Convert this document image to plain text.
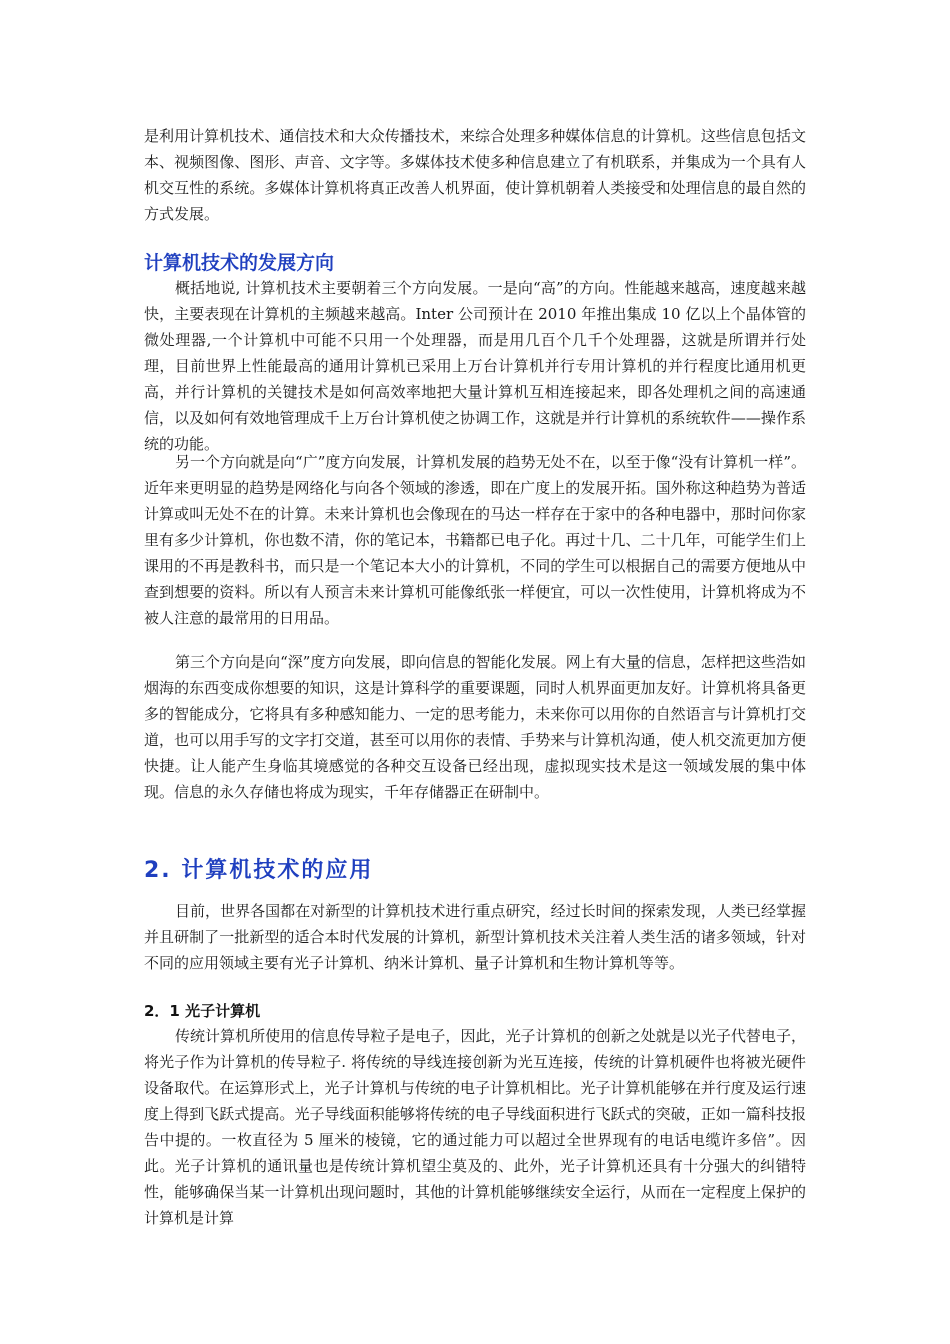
是利用计算机技术、通信技术和大众传播技术，来综合处理多种媒体信息的计算机。这些信息包括文本、视频图像、图形、声音、文字等。多媒体技术使多种信息建立了有机联系，并集成为一个具有人机交互性的系统。多媒体计算机将真正改善人机界面，使计算机朝着人类接受和处理信息的最自然的方式发展。

计算机技术的发展方向

概括地说, 计算机技术主要朝着三个方向发展。一是向“高”的方向。性能越来越高，速度越来越快，主要表现在计算机的主频越来越高。Inter 公司预计在 2010 年推出集成 10 亿以上个晶体管的微处理器,一个计算机中可能不只用一个处理器，而是用几百个几千个处理器，这就是所谓并行处理，目前世界上性能最高的通用计算机已采用上万台计算机并行专用计算机的并行程度比通用机更高，并行计算机的关键技术是如何高效率地把大量计算机互相连接起来，即各处理机之间的高速通信，以及如何有效地管理成千上万台计算机使之协调工作，这就是并行计算机的系统软件——操作系统的功能。

另一个方向就是向“广”度方向发展，计算机发展的趋势无处不在，以至于像“没有计算机一样”。近年来更明显的趋势是网络化与向各个领域的渗透，即在广度上的发展开拓。国外称这种趋势为普适计算或叫无处不在的计算。未来计算机也会像现在的马达一样存在于家中的各种电器中，那时问你家里有多少计算机，你也数不清，你的笔记本，书籍都已电子化。再过十几、二十几年，可能学生们上课用的不再是教科书，而只是一个笔记本大小的计算机，不同的学生可以根据自己的需要方便地从中查到想要的资料。所以有人预言未来计算机可能像纸张一样便宜，可以一次性使用，计算机将成为不被人注意的最常用的日用品。

第三个方向是向“深”度方向发展，即向信息的智能化发展。网上有大量的信息，怎样把这些浩如烟海的东西变成你想要的知识，这是计算科学的重要课题，同时人机界面更加友好。计算机将具备更多的智能成分，它将具有多种感知能力、一定的思考能力，未来你可以用你的自然语言与计算机打交道，也可以用手写的文字打交道，甚至可以用你的表情、手势来与计算机沟通，使人机交流更加方便快捷。让人能产生身临其境感觉的各种交互设备已经出现，虚拟现实技术是这一领域发展的集中体现。信息的永久存储也将成为现实，千年存储器正在研制中。

2. 计算机技术的应用

目前，世界各国都在对新型的计算机技术进行重点研究，经过长时间的探索发现，人类已经掌握并且研制了一批新型的适合本时代发展的计算机，新型计算机技术关注着人类生活的诸多领域，针对不同的应用领域主要有光子计算机、纳米计算机、量子计算机和生物计算机等等。

2．1 光子计算机

传统计算机所使用的信息传导粒子是电子，因此，光子计算机的创新之处就是以光子代替电子，将光子作为计算机的传导粒子. 将传统的导线连接创新为光互连接，传统的计算机硬件也将被光硬件设备取代。在运算形式上，光子计算机与传统的电子计算机相比。光子计算机能够在并行度及运行速度上得到飞跃式提高。光子导线面积能够将传统的电子导线面积进行飞跃式的突破，正如一篇科技报告中提的。一枚直径为 5 厘米的棱镜，它的通过能力可以超过全世界现有的电话电缆许多倍”。因此。光子计算机的通讯量也是传统计算机望尘莫及的、此外，光子计算机还具有十分强大的纠错特性，能够确保当某一计算机出现问题时，其他的计算机能够继续安全运行，从而在一定程度上保护的计算机是计算
